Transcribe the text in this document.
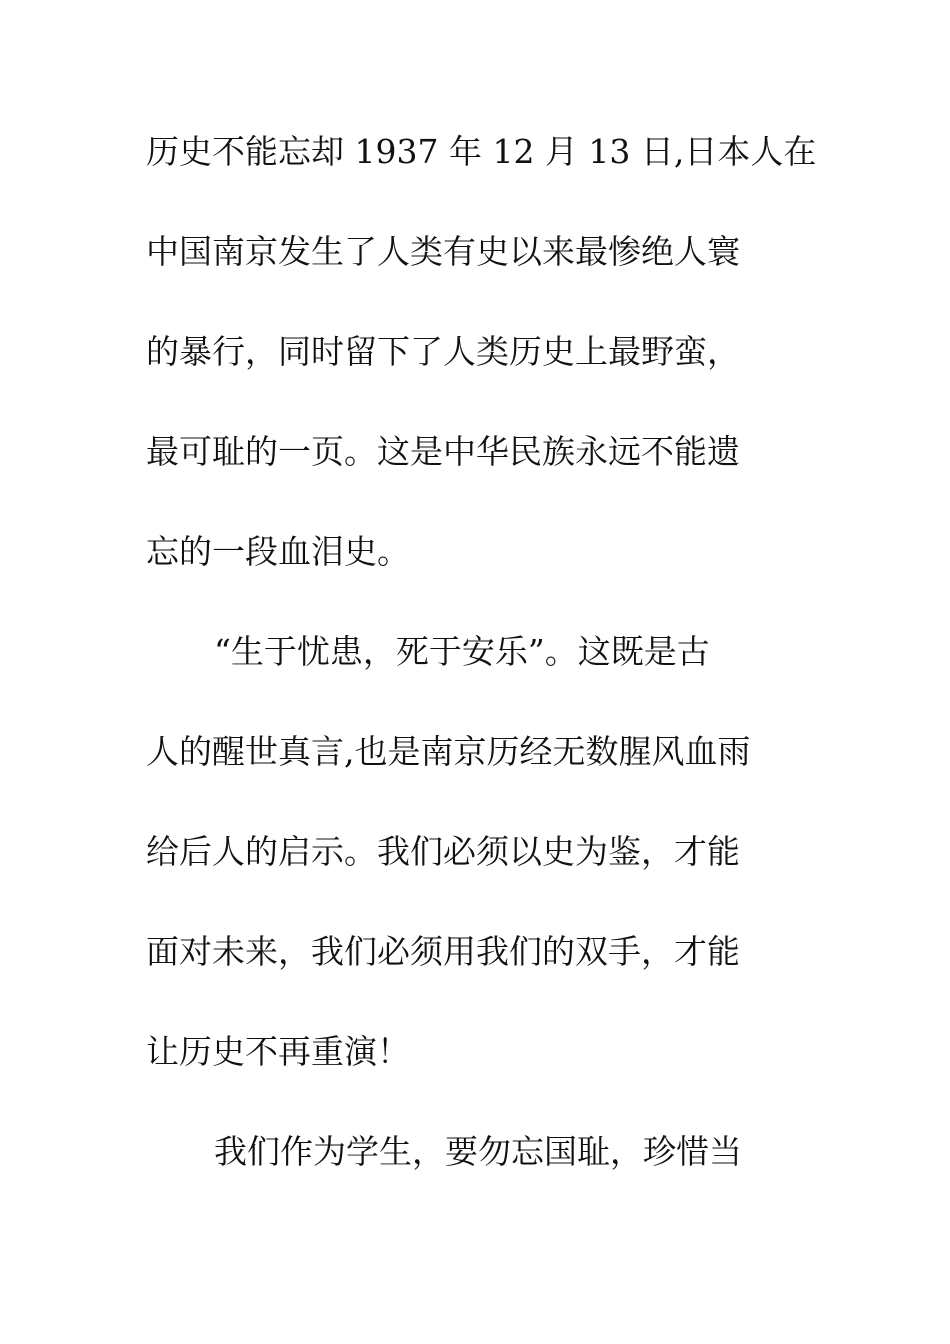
历史不能忘却 1937 年 12 月 13 日,日本人在
中国南京发生了人类有史以来最惨绝人寰
的暴行，同时留下了人类历史上最野蛮，
最可耻的一页。这是中华民族永远不能遗
忘的一段血泪史。
“生于忧患，死于安乐”。这既是古
人的醒世真言,也是南京历经无数腥风血雨
给后人的启示。我们必须以史为鉴，才能
面对未来，我们必须用我们的双手，才能
让历史不再重演！
我们作为学生，要勿忘国耻，珍惜当
